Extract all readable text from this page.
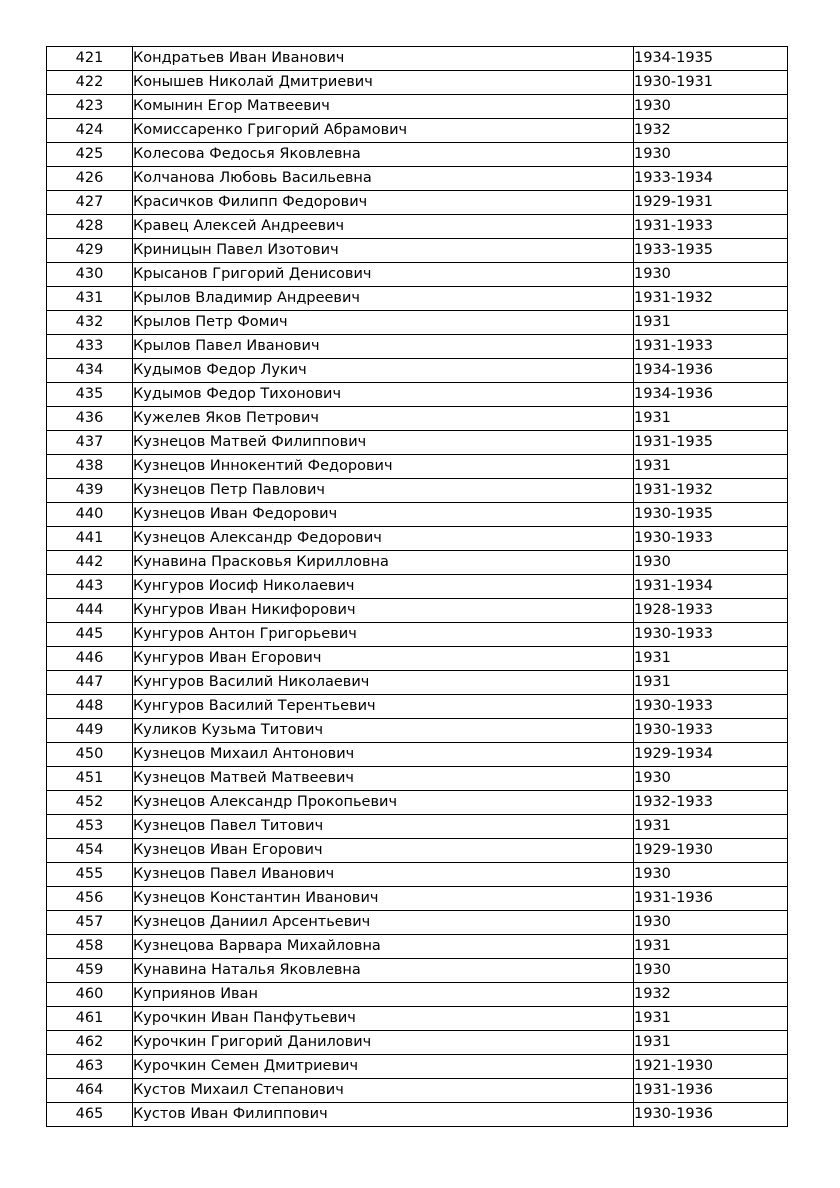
421	Кондратьев Иван Иванович	1934-1935
422	Конышев Николай Дмитриевич	1930-1931
423	Комынин Егор Матвеевич	1930
424	Комиссаренко Григорий Абрамович	1932
425	Колесова Федосья Яковлевна	1930
426	Колчанова Любовь Васильевна	1933-1934
427	Красичков Филипп Федорович	1929-1931
428	Кравец Алексей Андреевич	1931-1933
429	Криницын Павел Изотович	1933-1935
430	Крысанов Григорий Денисович	1930
431	Крылов Владимир Андреевич	1931-1932
432	Крылов Петр Фомич	1931
433	Крылов Павел Иванович	1931-1933
434	Кудымов Федор Лукич	1934-1936
435	Кудымов Федор Тихонович	1934-1936
436	Кужелев Яков Петрович	1931
437	Кузнецов Матвей Филиппович	1931-1935
438	Кузнецов Иннокентий Федорович	1931
439	Кузнецов Петр Павлович	1931-1932
440	Кузнецов Иван Федорович	1930-1935
441	Кузнецов Александр Федорович	1930-1933
442	Кунавина Прасковья Кирилловна	1930
443	Кунгуров Иосиф Николаевич	1931-1934
444	Кунгуров Иван Никифорович	1928-1933
445	Кунгуров Антон Григорьевич	1930-1933
446	Кунгуров Иван Егорович	1931
447	Кунгуров Василий Николаевич	1931
448	Кунгуров Василий Терентьевич	1930-1933
449	Куликов Кузьма Титович	1930-1933
450	Кузнецов Михаил Антонович	1929-1934
451	Кузнецов Матвей Матвеевич	1930
452	Кузнецов Александр Прокопьевич	1932-1933
453	Кузнецов Павел Титович	1931
454	Кузнецов Иван Егорович	1929-1930
455	Кузнецов Павел Иванович	1930
456	Кузнецов Константин Иванович	1931-1936
457	Кузнецов Даниил Арсентьевич	1930
458	Кузнецова Варвара Михайловна	1931
459	Кунавина Наталья Яковлевна	1930
460	Куприянов Иван	1932
461	Курочкин Иван Панфутьевич	1931
462	Курочкин Григорий Данилович	1931
463	Курочкин Семен Дмитриевич	1921-1930
464	Кустов Михаил Степанович	1931-1936
465	Кустов Иван Филиппович	1930-1936
